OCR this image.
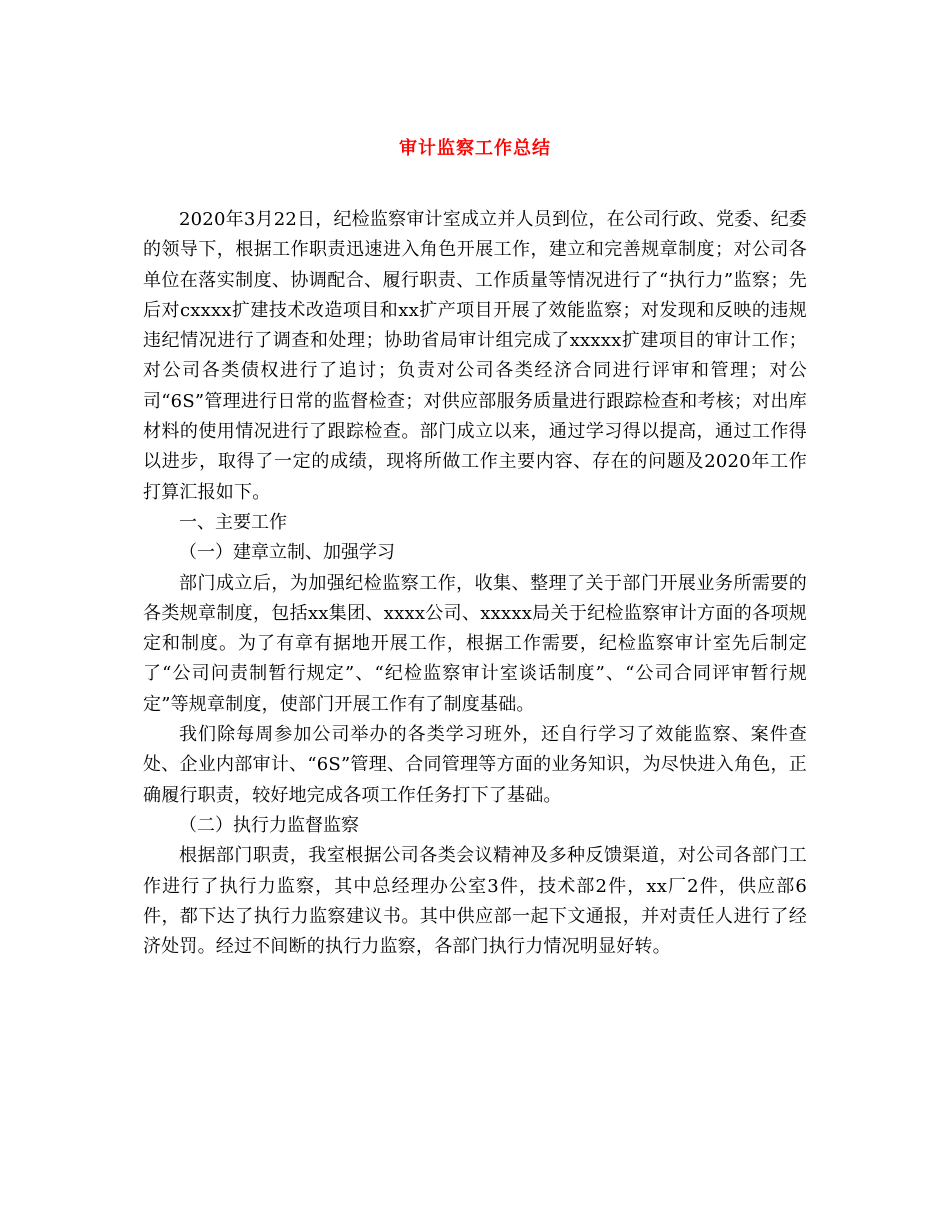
审计监察工作总结

2020年3月22日，纪检监察审计室成立并人员到位，在公司行政、党委、纪委的领导下，根据工作职责迅速进入角色开展工作，建立和完善规章制度；对公司各单位在落实制度、协调配合、履行职责、工作质量等情况进行了“执行力”监察；先后对cxxxx扩建技术改造项目和xx扩产项目开展了效能监察；对发现和反映的违规违纪情况进行了调查和处理；协助省局审计组完成了xxxxx扩建项目的审计工作；对公司各类债权进行了追讨；负责对公司各类经济合同进行评审和管理；对公司“6S”管理进行日常的监督检查；对供应部服务质量进行跟踪检查和考核；对出库材料的使用情况进行了跟踪检查。部门成立以来，通过学习得以提高，通过工作得以进步，取得了一定的成绩，现将所做工作主要内容、存在的问题及2020年工作打算汇报如下。

一、主要工作

（一）建章立制、加强学习

部门成立后，为加强纪检监察工作，收集、整理了关于部门开展业务所需要的各类规章制度，包括xx集团、xxxx公司、xxxxx局关于纪检监察审计方面的各项规定和制度。为了有章有据地开展工作，根据工作需要，纪检监察审计室先后制定了“公司问责制暂行规定”、“纪检监察审计室谈话制度”、“公司合同评审暂行规定”等规章制度，使部门开展工作有了制度基础。

我们除每周参加公司举办的各类学习班外，还自行学习了效能监察、案件查处、企业内部审计、“6S”管理、合同管理等方面的业务知识，为尽快进入角色，正确履行职责，较好地完成各项工作任务打下了基础。

（二）执行力监督监察

根据部门职责，我室根据公司各类会议精神及多种反馈渠道，对公司各部门工作进行了执行力监察，其中总经理办公室3件，技术部2件，xx厂2件，供应部6件，都下达了执行力监察建议书。其中供应部一起下文通报，并对责任人进行了经济处罚。经过不间断的执行力监察，各部门执行力情况明显好转。
